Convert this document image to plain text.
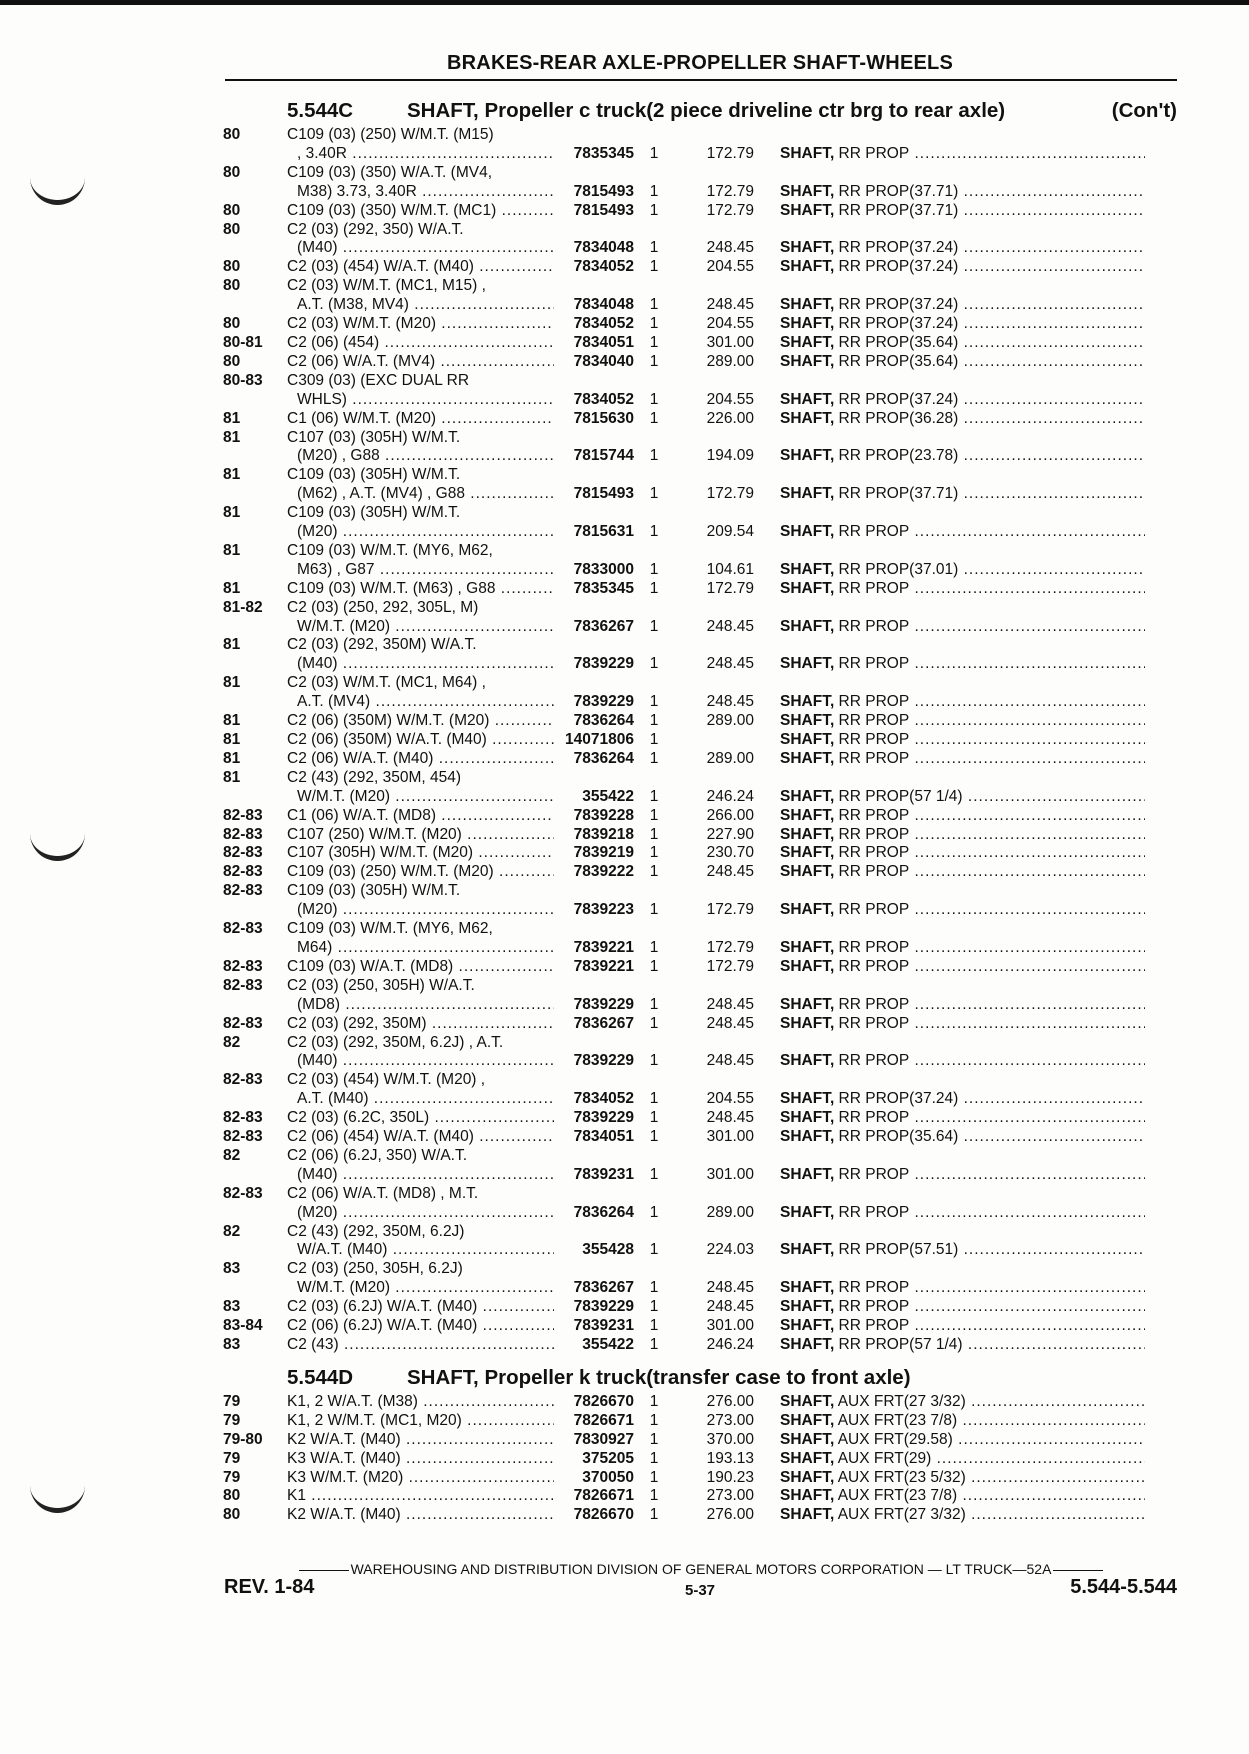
BRAKES-REAR AXLE-PROPELLER SHAFT-WHEELS
5.544C	SHAFT, Propeller c truck(2 piece driveline ctr brg to rear axle)	(Con't)
80	C109 (03) (250) W/M.T. (M15)
, 3.40R .....	7835345	1	172.79	SHAFT, RR PROP .....
80	C109 (03) (350) W/A.T. (MV4,
M38) 3.73, 3.40R .....	7815493	1	172.79	SHAFT, RR PROP(37.71) .....
80	C109 (03) (350) W/M.T. (MC1) .....	7815493	1	172.79	SHAFT, RR PROP(37.71) .....
80	C2 (03) (292, 350) W/A.T.
(M40) .....	7834048	1	248.45	SHAFT, RR PROP(37.24) .....
80	C2 (03) (454) W/A.T. (M40) .....	7834052	1	204.55	SHAFT, RR PROP(37.24) .....
80	C2 (03) W/M.T. (MC1, M15) ,
A.T. (M38, MV4) .....	7834048	1	248.45	SHAFT, RR PROP(37.24) .....
80	C2 (03) W/M.T. (M20) .....	7834052	1	204.55	SHAFT, RR PROP(37.24) .....
80-81	C2 (06) (454) .....	7834051	1	301.00	SHAFT, RR PROP(35.64) .....
80	C2 (06) W/A.T. (MV4) .....	7834040	1	289.00	SHAFT, RR PROP(35.64) .....
80-83	C309 (03) (EXC DUAL RR
WHLS) .....	7834052	1	204.55	SHAFT, RR PROP(37.24) .....
81	C1 (06) W/M.T. (M20) .....	7815630	1	226.00	SHAFT, RR PROP(36.28) .....
81	C107 (03) (305H) W/M.T.
(M20) , G88 .....	7815744	1	194.09	SHAFT, RR PROP(23.78) .....
81	C109 (03) (305H) W/M.T.
(M62) , A.T. (MV4) , G88 .....	7815493	1	172.79	SHAFT, RR PROP(37.71) .....
81	C109 (03) (305H) W/M.T.
(M20) .....	7815631	1	209.54	SHAFT, RR PROP .....
81	C109 (03) W/M.T. (MY6, M62,
M63) , G87 .....	7833000	1	104.61	SHAFT, RR PROP(37.01) .....
81	C109 (03) W/M.T. (M63) , G88 .....	7835345	1	172.79	SHAFT, RR PROP .....
81-82	C2 (03) (250, 292, 305L, M)
W/M.T. (M20) .....	7836267	1	248.45	SHAFT, RR PROP .....
81	C2 (03) (292, 350M) W/A.T.
(M40) .....	7839229	1	248.45	SHAFT, RR PROP .....
81	C2 (03) W/M.T. (MC1, M64) ,
A.T. (MV4) .....	7839229	1	248.45	SHAFT, RR PROP .....
81	C2 (06) (350M) W/M.T. (M20) .....	7836264	1	289.00	SHAFT, RR PROP .....
81	C2 (06) (350M) W/A.T. (M40) .....	14071806	1	SHAFT, RR PROP .....
81	C2 (06) W/A.T. (M40) .....	7836264	1	289.00	SHAFT, RR PROP .....
81	C2 (43) (292, 350M, 454)
W/M.T. (M20) .....	355422	1	246.24	SHAFT, RR PROP(57 1/4) .....
82-83	C1 (06) W/A.T. (MD8) .....	7839228	1	266.00	SHAFT, RR PROP .....
82-83	C107 (250) W/M.T. (M20) .....	7839218	1	227.90	SHAFT, RR PROP .....
82-83	C107 (305H) W/M.T. (M20) .....	7839219	1	230.70	SHAFT, RR PROP .....
82-83	C109 (03) (250) W/M.T. (M20) .....	7839222	1	248.45	SHAFT, RR PROP .....
82-83	C109 (03) (305H) W/M.T.
(M20) .....	7839223	1	172.79	SHAFT, RR PROP .....
82-83	C109 (03) W/M.T. (MY6, M62,
M64) .....	7839221	1	172.79	SHAFT, RR PROP .....
82-83	C109 (03) W/A.T. (MD8) .....	7839221	1	172.79	SHAFT, RR PROP .....
82-83	C2 (03) (250, 305H) W/A.T.
(MD8) .....	7839229	1	248.45	SHAFT, RR PROP .....
82-83	C2 (03) (292, 350M) .....	7836267	1	248.45	SHAFT, RR PROP .....
82	C2 (03) (292, 350M, 6.2J) , A.T.
(M40) .....	7839229	1	248.45	SHAFT, RR PROP .....
82-83	C2 (03) (454) W/M.T. (M20) ,
A.T. (M40) .....	7834052	1	204.55	SHAFT, RR PROP(37.24) .....
82-83	C2 (03) (6.2C, 350L) .....	7839229	1	248.45	SHAFT, RR PROP .....
82-83	C2 (06) (454) W/A.T. (M40) .....	7834051	1	301.00	SHAFT, RR PROP(35.64) .....
82	C2 (06) (6.2J, 350) W/A.T.
(M40) .....	7839231	1	301.00	SHAFT, RR PROP .....
82-83	C2 (06) W/A.T. (MD8) , M.T.
(M20) .....	7836264	1	289.00	SHAFT, RR PROP .....
82	C2 (43) (292, 350M, 6.2J)
W/A.T. (M40) .....	355428	1	224.03	SHAFT, RR PROP(57.51) .....
83	C2 (03) (250, 305H, 6.2J)
W/M.T. (M20) .....	7836267	1	248.45	SHAFT, RR PROP .....
83	C2 (03) (6.2J) W/A.T. (M40) .....	7839229	1	248.45	SHAFT, RR PROP .....
83-84	C2 (06) (6.2J) W/A.T. (M40) .....	7839231	1	301.00	SHAFT, RR PROP .....
83	C2 (43) .....	355422	1	246.24	SHAFT, RR PROP(57 1/4) .....
5.544D	SHAFT, Propeller k truck(transfer case to front axle)
79	K1, 2 W/A.T. (M38) .....	7826670	1	276.00	SHAFT, AUX FRT(27 3/32) .....
79	K1, 2 W/M.T. (MC1, M20) .....	7826671	1	273.00	SHAFT, AUX FRT(23 7/8) .....
79-80	K2 W/A.T. (M40) .....	7830927	1	370.00	SHAFT, AUX FRT(29.58) .....
79	K3 W/A.T. (M40) .....	375205	1	193.13	SHAFT, AUX FRT(29) .....
79	K3 W/M.T. (M20) .....	370050	1	190.23	SHAFT, AUX FRT(23 5/32) .....
80	K1 .....	7826671	1	273.00	SHAFT, AUX FRT(23 7/8) .....
80	K2 W/A.T. (M40) .....	7826670	1	276.00	SHAFT, AUX FRT(27 3/32) .....
WAREHOUSING AND DISTRIBUTION DIVISION OF GENERAL MOTORS CORPORATION — LT TRUCK—52A
REV. 1-84	5-37	5.544-5.544
